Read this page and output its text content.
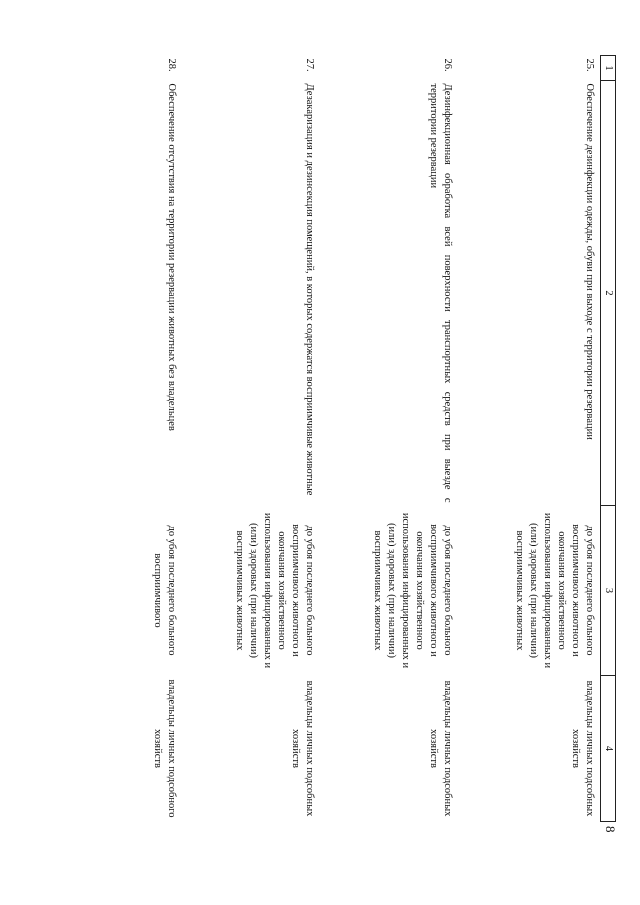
8
1	2	3	4
25.	Обеспечение дезинфекции одежды, обуви при выходе с территории резервации	до убоя последнего больного восприимчивого животного и окончания хозяйственного использования инфицированных и (или) здоровых (при наличии) восприимчивых животных	владельцы личных подсобных хозяйств
26.	Дезинфекционная обработка всей поверхности транспортных средств при выезде с территории резервации	до убоя последнего больного восприимчивого животного и окончания хозяйственного использования инфицированных и (или) здоровых (при наличии) восприимчивых животных	владельцы личных подсобных хозяйств
27.	Дезакаризация и дезинсекция помещений, в которых содержатся восприимчивые животные	до убоя последнего больного восприимчивого животного и окончания хозяйственного использования инфицированных и (или) здоровых (при наличии) восприимчивых животных	владельцы личных подсобных хозяйств
28.	Обеспечение отсутствия на территории резервации животных без владельцев	до убоя последнего больного восприимчивого	владельцы личных подсобного хозяйств
